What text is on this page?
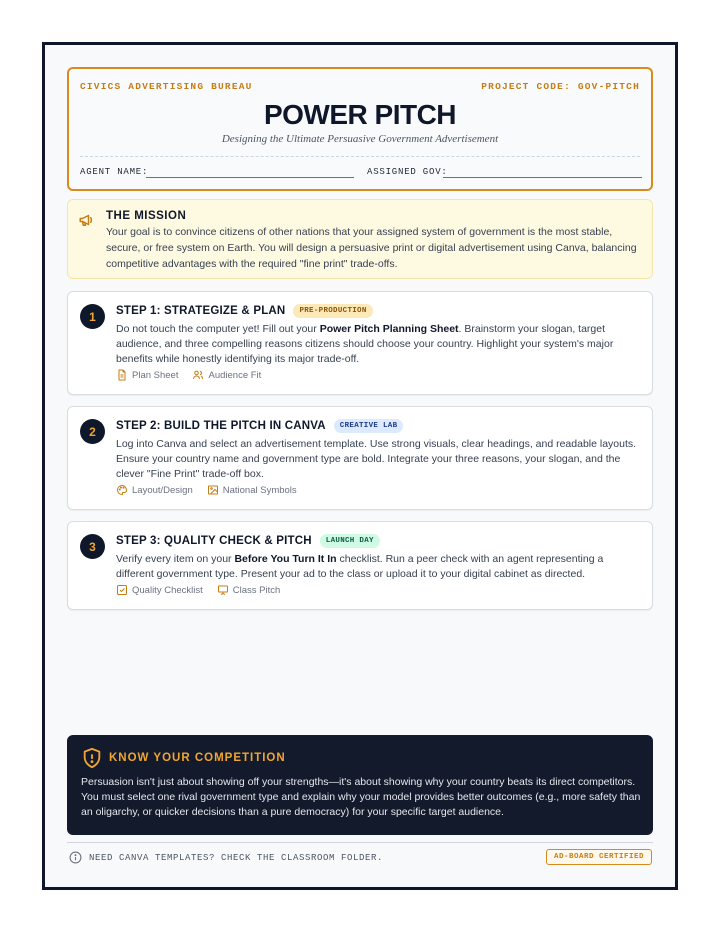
CIVICS ADVERTISING BUREAU	PROJECT CODE: GOV-PITCH
POWER PITCH
Designing the Ultimate Persuasive Government Advertisement
AGENT NAME:	ASSIGNED GOV:
THE MISSION
Your goal is to convince citizens of other nations that your assigned system of government is the most stable, secure, or free system on Earth. You will design a persuasive print or digital advertisement using Canva, balancing competitive advantages with the required "fine print" trade-offs.
1	STEP 1: STRATEGIZE & PLAN	PRE-PRODUCTION
Do not touch the computer yet! Fill out your Power Pitch Planning Sheet. Brainstorm your slogan, target audience, and three compelling reasons citizens should choose your country. Highlight your system's major benefits while honestly identifying its major trade-off.
Plan Sheet	Audience Fit
2	STEP 2: BUILD THE PITCH IN CANVA	CREATIVE LAB
Log into Canva and select an advertisement template. Use strong visuals, clear headings, and readable layouts. Ensure your country name and government type are bold. Integrate your three reasons, your slogan, and the clever "Fine Print" trade-off box.
Layout/Design	National Symbols
3	STEP 3: QUALITY CHECK & PITCH	LAUNCH DAY
Verify every item on your Before You Turn It In checklist. Run a peer check with an agent representing a different government type. Present your ad to the class or upload it to your digital cabinet as directed.
Quality Checklist	Class Pitch
KNOW YOUR COMPETITION
Persuasion isn't just about showing off your strengths—it's about showing why your country beats its direct competitors. You must select one rival government type and explain why your model provides better outcomes (e.g., more safety than an oligarchy, or quicker decisions than a pure democracy) for your specific target audience.
NEED CANVA TEMPLATES? CHECK THE CLASSROOM FOLDER.	AD-BOARD CERTIFIED
